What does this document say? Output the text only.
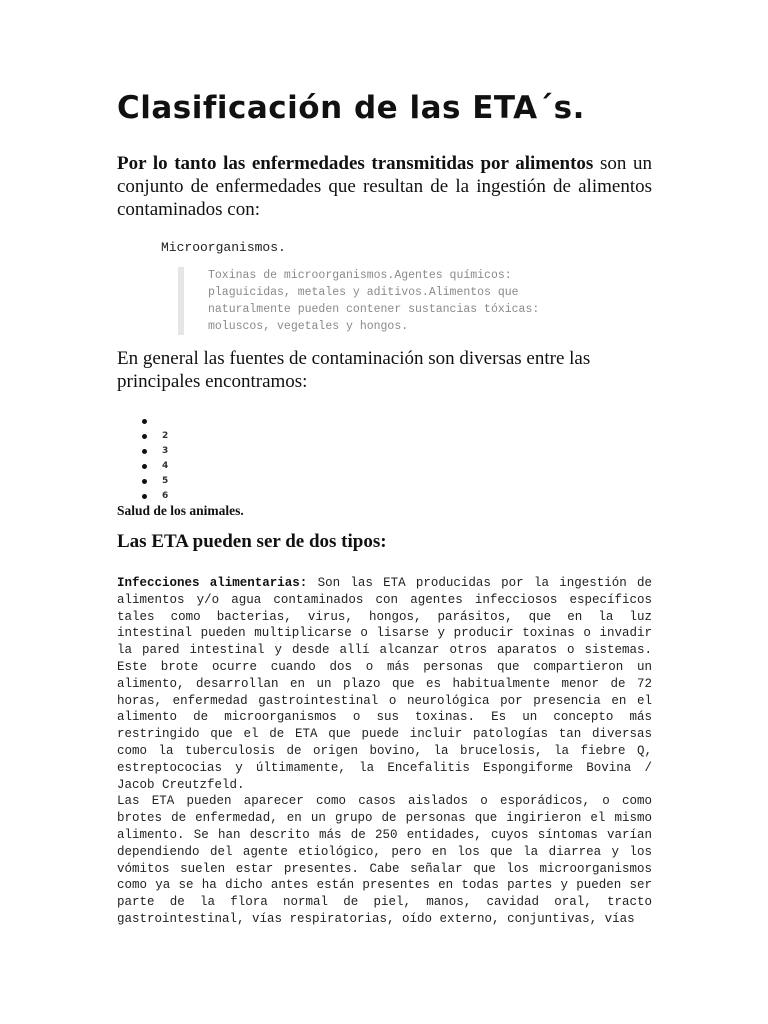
Clasificación de las ETA´s.

Por lo tanto las enfermedades transmitidas por alimentos son un conjunto de enfermedades que resultan de la ingestión de alimentos contaminados con:

Microorganismos.

Toxinas de microorganismos.Agentes químicos: plaguicidas, metales y aditivos.Alimentos que naturalmente pueden contener sustancias tóxicas: moluscos, vegetales y hongos.

En general las fuentes de contaminación son diversas entre las principales encontramos:

2
3
4
5
6

Salud de los animales.

Las ETA pueden ser de dos tipos:

Infecciones alimentarias: Son las ETA producidas por la ingestión de alimentos y/o agua contaminados con agentes infecciosos específicos tales como bacterias, virus, hongos, parásitos, que en la luz intestinal pueden multiplicarse o lisarse y producir toxinas o invadir la pared intestinal y desde allí alcanzar otros aparatos o sistemas. Este brote ocurre cuando dos o más personas que compartieron un alimento, desarrollan en un plazo que es habitualmente menor de 72 horas, enfermedad gastrointestinal o neurológica por presencia en el alimento de microorganismos o sus toxinas. Es un concepto más restringido que el de ETA que puede incluir patologías tan diversas como la tuberculosis de origen bovino, la brucelosis, la fiebre Q, estreptococias y últimamente, la Encefalitis Espongiforme Bovina / Jacob Creutzfeld.

Las ETA pueden aparecer como casos aislados o esporádicos, o como brotes de enfermedad, en un grupo de personas que ingirieron el mismo alimento. Se han descrito más de 250 entidades, cuyos síntomas varían dependiendo del agente etiológico, pero en los que la diarrea y los vómitos suelen estar presentes. Cabe señalar que los microorganismos como ya se ha dicho antes están presentes en todas partes y pueden ser parte de la flora normal de piel, manos, cavidad oral, tracto gastrointestinal, vías respiratorias, oído externo, conjuntivas, vías
